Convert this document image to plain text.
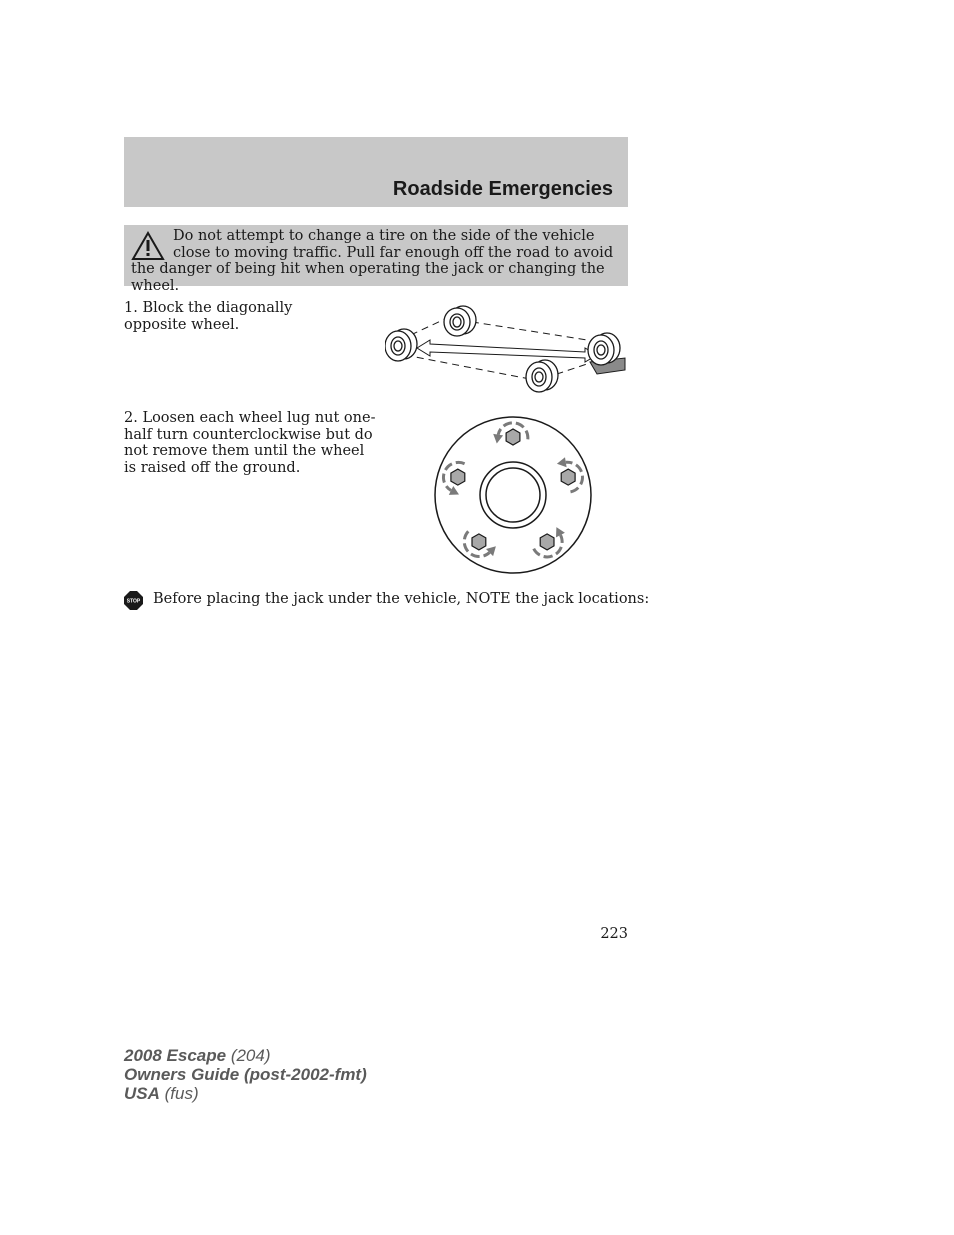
Roadside Emergencies
Do not attempt to change a tire on the side of the vehicle close to moving traffic. Pull far enough off the road to avoid the danger of being hit when operating the jack or changing the wheel.
1. Block the diagonally opposite wheel.
2. Loosen each wheel lug nut one-half turn counterclockwise but do not remove them until the wheel is raised off the ground.
STOP Before placing the jack under the vehicle, NOTE the jack locations:
223
2008 Escape (204)
Owners Guide (post-2002-fmt)
USA (fus)
